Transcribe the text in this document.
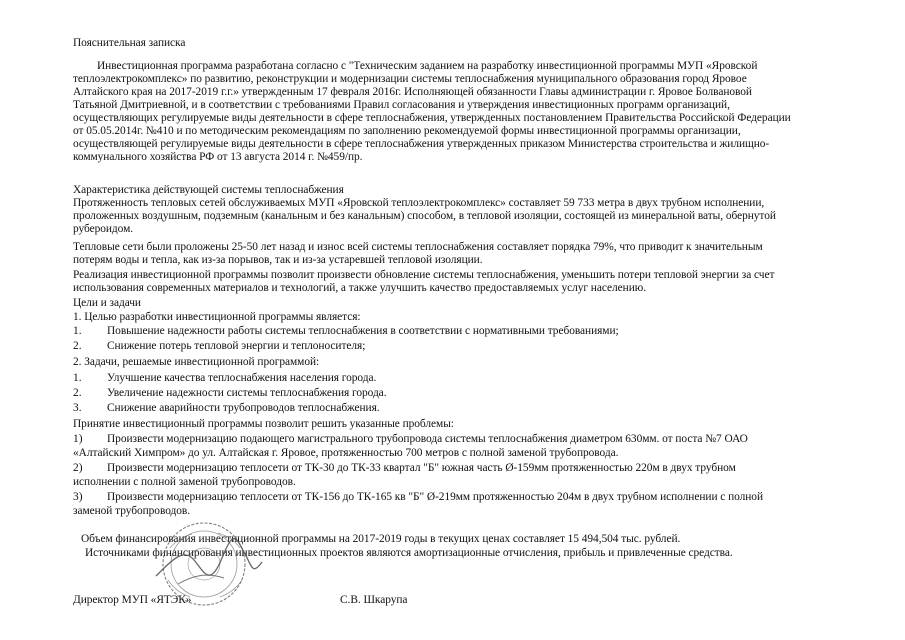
Пояснительная записка
Инвестиционная программа разработана согласно с "Техническим заданием на разработку инвестиционной программы МУП «Яровской
теплоэлектрокомплекс» по развитию, реконструкции и модернизации системы теплоснабжения муниципального образования город Яровое
Алтайского края на 2017-2019 г.г.» утвержденным 17 февраля 2016г. Исполняющей обязанности Главы администрации г. Яровое Болвановой
Татьяной Дмитриевной, и в соответствии с требованиями Правил согласования и утверждения инвестиционных программ организаций,
осуществляющих регулируемые виды деятельности в сфере теплоснабжения, утвержденных постановлением Правительства Российской Федерации
от 05.05.2014г. №410 и по методическим рекомендациям по заполнению рекомендуемой формы инвестиционной программы организации,
осуществляющей регулируемые виды деятельности в сфере теплоснабжения утвержденных приказом Министерства строительства и жилищно-
коммунального хозяйства РФ от 13 августа 2014 г. №459/пр.
Характеристика действующей системы теплоснабжения
Протяженность тепловых сетей обслуживаемых МУП «Яровской теплоэлектрокомплекс» составляет 59 733 метра в двух трубном исполнении,
проложенных воздушным, подземным (канальным и без канальным) способом, в тепловой изоляции, состоящей из минеральной ваты, обернутой
рубероидом.
Тепловые сети были проложены 25-50 лет назад и износ всей системы теплоснабжения составляет порядка 79%, что приводит к значительным
потерям воды и тепла, как из-за порывов, так и из-за устаревшей тепловой изоляции.
Реализация инвестиционной программы позволит произвести обновление системы теплоснабжения, уменьшить потери тепловой энергии за счет
использования современных материалов и технологий, а также улучшить качество предоставляемых услуг населению.
Цели и задачи
1. Целью разработки инвестиционной программы является:
1. Повышение надежности работы системы теплоснабжения в соответствии с нормативными требованиями;
2. Снижение потерь тепловой энергии и теплоносителя;
2. Задачи, решаемые инвестиционной программой:
1. Улучшение качества теплоснабжения населения города.
2. Увеличение надежности системы теплоснабжения города.
3. Снижение аварийности трубопроводов теплоснабжения.
Принятие инвестиционный программы позволит решить указанные проблемы:
1) Произвести модернизацию подающего магистрального трубопровода системы теплоснабжения диаметром 630мм. от поста №7 ОАО
«Алтайский Химпром» до ул. Алтайская г. Яровое, протяженностью 700 метров с полной заменой трубопровода.
2) Произвести модернизацию теплосети от ТК-30 до ТК-33 квартал "Б" южная часть Ø-159мм протяженностью 220м в двух трубном
исполнении с полной заменой трубопроводов.
3) Произвести модернизацию теплосети от ТК-156 до ТК-165 кв "Б" Ø-219мм протяженностью 204м в двух трубном исполнении с полной
заменой трубопроводов.
Объем финансирования инвестиционной программы на 2017-2019 годы в текущих ценах составляет 15 494,504 тыс. рублей.
Источниками финансирования инвестиционных проектов являются амортизационные отчисления, прибыль и привлеченные средства.
Директор МУП «ЯТЭК»	С.В. Шкарупа
